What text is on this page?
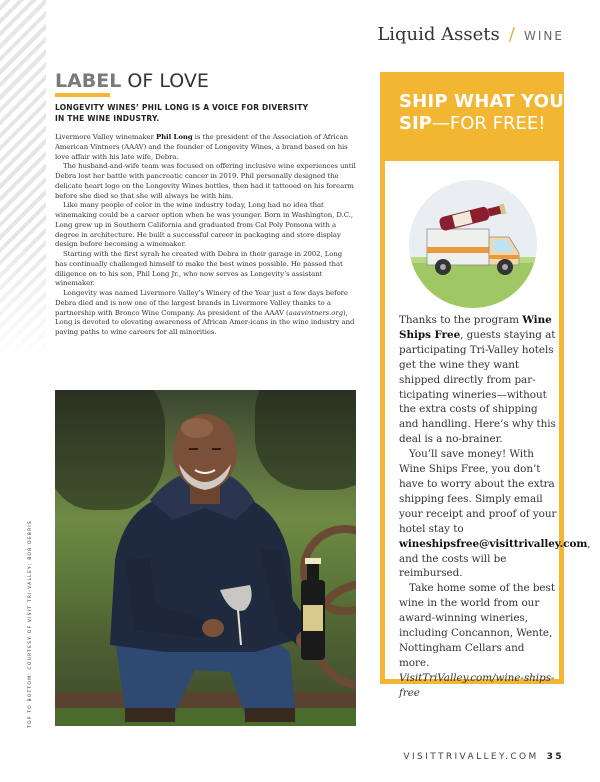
Liquid Assets / WINE
LABEL OF LOVE
LONGEVITY WINES’ PHIL LONG IS A VOICE FOR DIVERSITY
IN THE WINE INDUSTRY.

Livermore Valley winemaker Phil Long is the president of the Association of African American Vintners (AAAV) and the founder of Longevity Wines, a brand based on his love affair with his late wife, Debra.

The husband-and-wife team was focused on offering inclusive wine experiences until Debra lost her battle with pancreatic cancer in 2019. Phil personally designed the delicate heart logo on the Longevity Wines bottles, then had it tattooed on his forearm before she died so that she will always be with him.

Like many people of color in the wine industry today, Long had no idea that winemaking could be a career option when he was younger. Born in Washington, D.C., Long grew up in Southern California and graduated from Cal Poly Pomona with a degree in architecture. He built a successful career in packaging and store display design before becoming a winemaker.

Starting with the first syrah he created with Debra in their garage in 2002, Long has continually challenged himself to make the best wines possible. He passed that diligence on to his son, Phil Long Jr., who now serves as Longevity’s assistant winemaker.

Longevity was named Livermore Valley’s Winery of the Year just a few days before Debra died and is now one of the largest brands in Livermore Valley thanks to a partnership with Bronco Wine Company. As president of the AAAV (aaavintners.org), Long is devoted to elevating awareness of African Amer-icans in the wine industry and paving paths to wine careers for all minorities.

TOP TO BOTTOM: COURTESY OF VISIT TRI-VALLEY; BOB DEBRIS
SHIP WHAT YOU
SIP—FOR FREE!

Thanks to the program Wine Ships Free, guests staying at participating Tri-Valley hotels get the wine they want shipped directly from par-ticipating wineries—without the extra costs of shipping and handling. Here’s why this deal is a no-brainer.

You’ll save money! With Wine Ships Free, you don’t have to worry about the extra shipping fees. Simply email your receipt and proof of your hotel stay to wineshipsfree@visittrivalley.com, and the costs will be reimbursed.

Take home some of the best wine in the world from our award-winning wineries, including Concannon, Wente, Nottingham Cellars and more. VisitTriValley.com/wine-ships-free

VISITTRIVALLEY.COM 35
